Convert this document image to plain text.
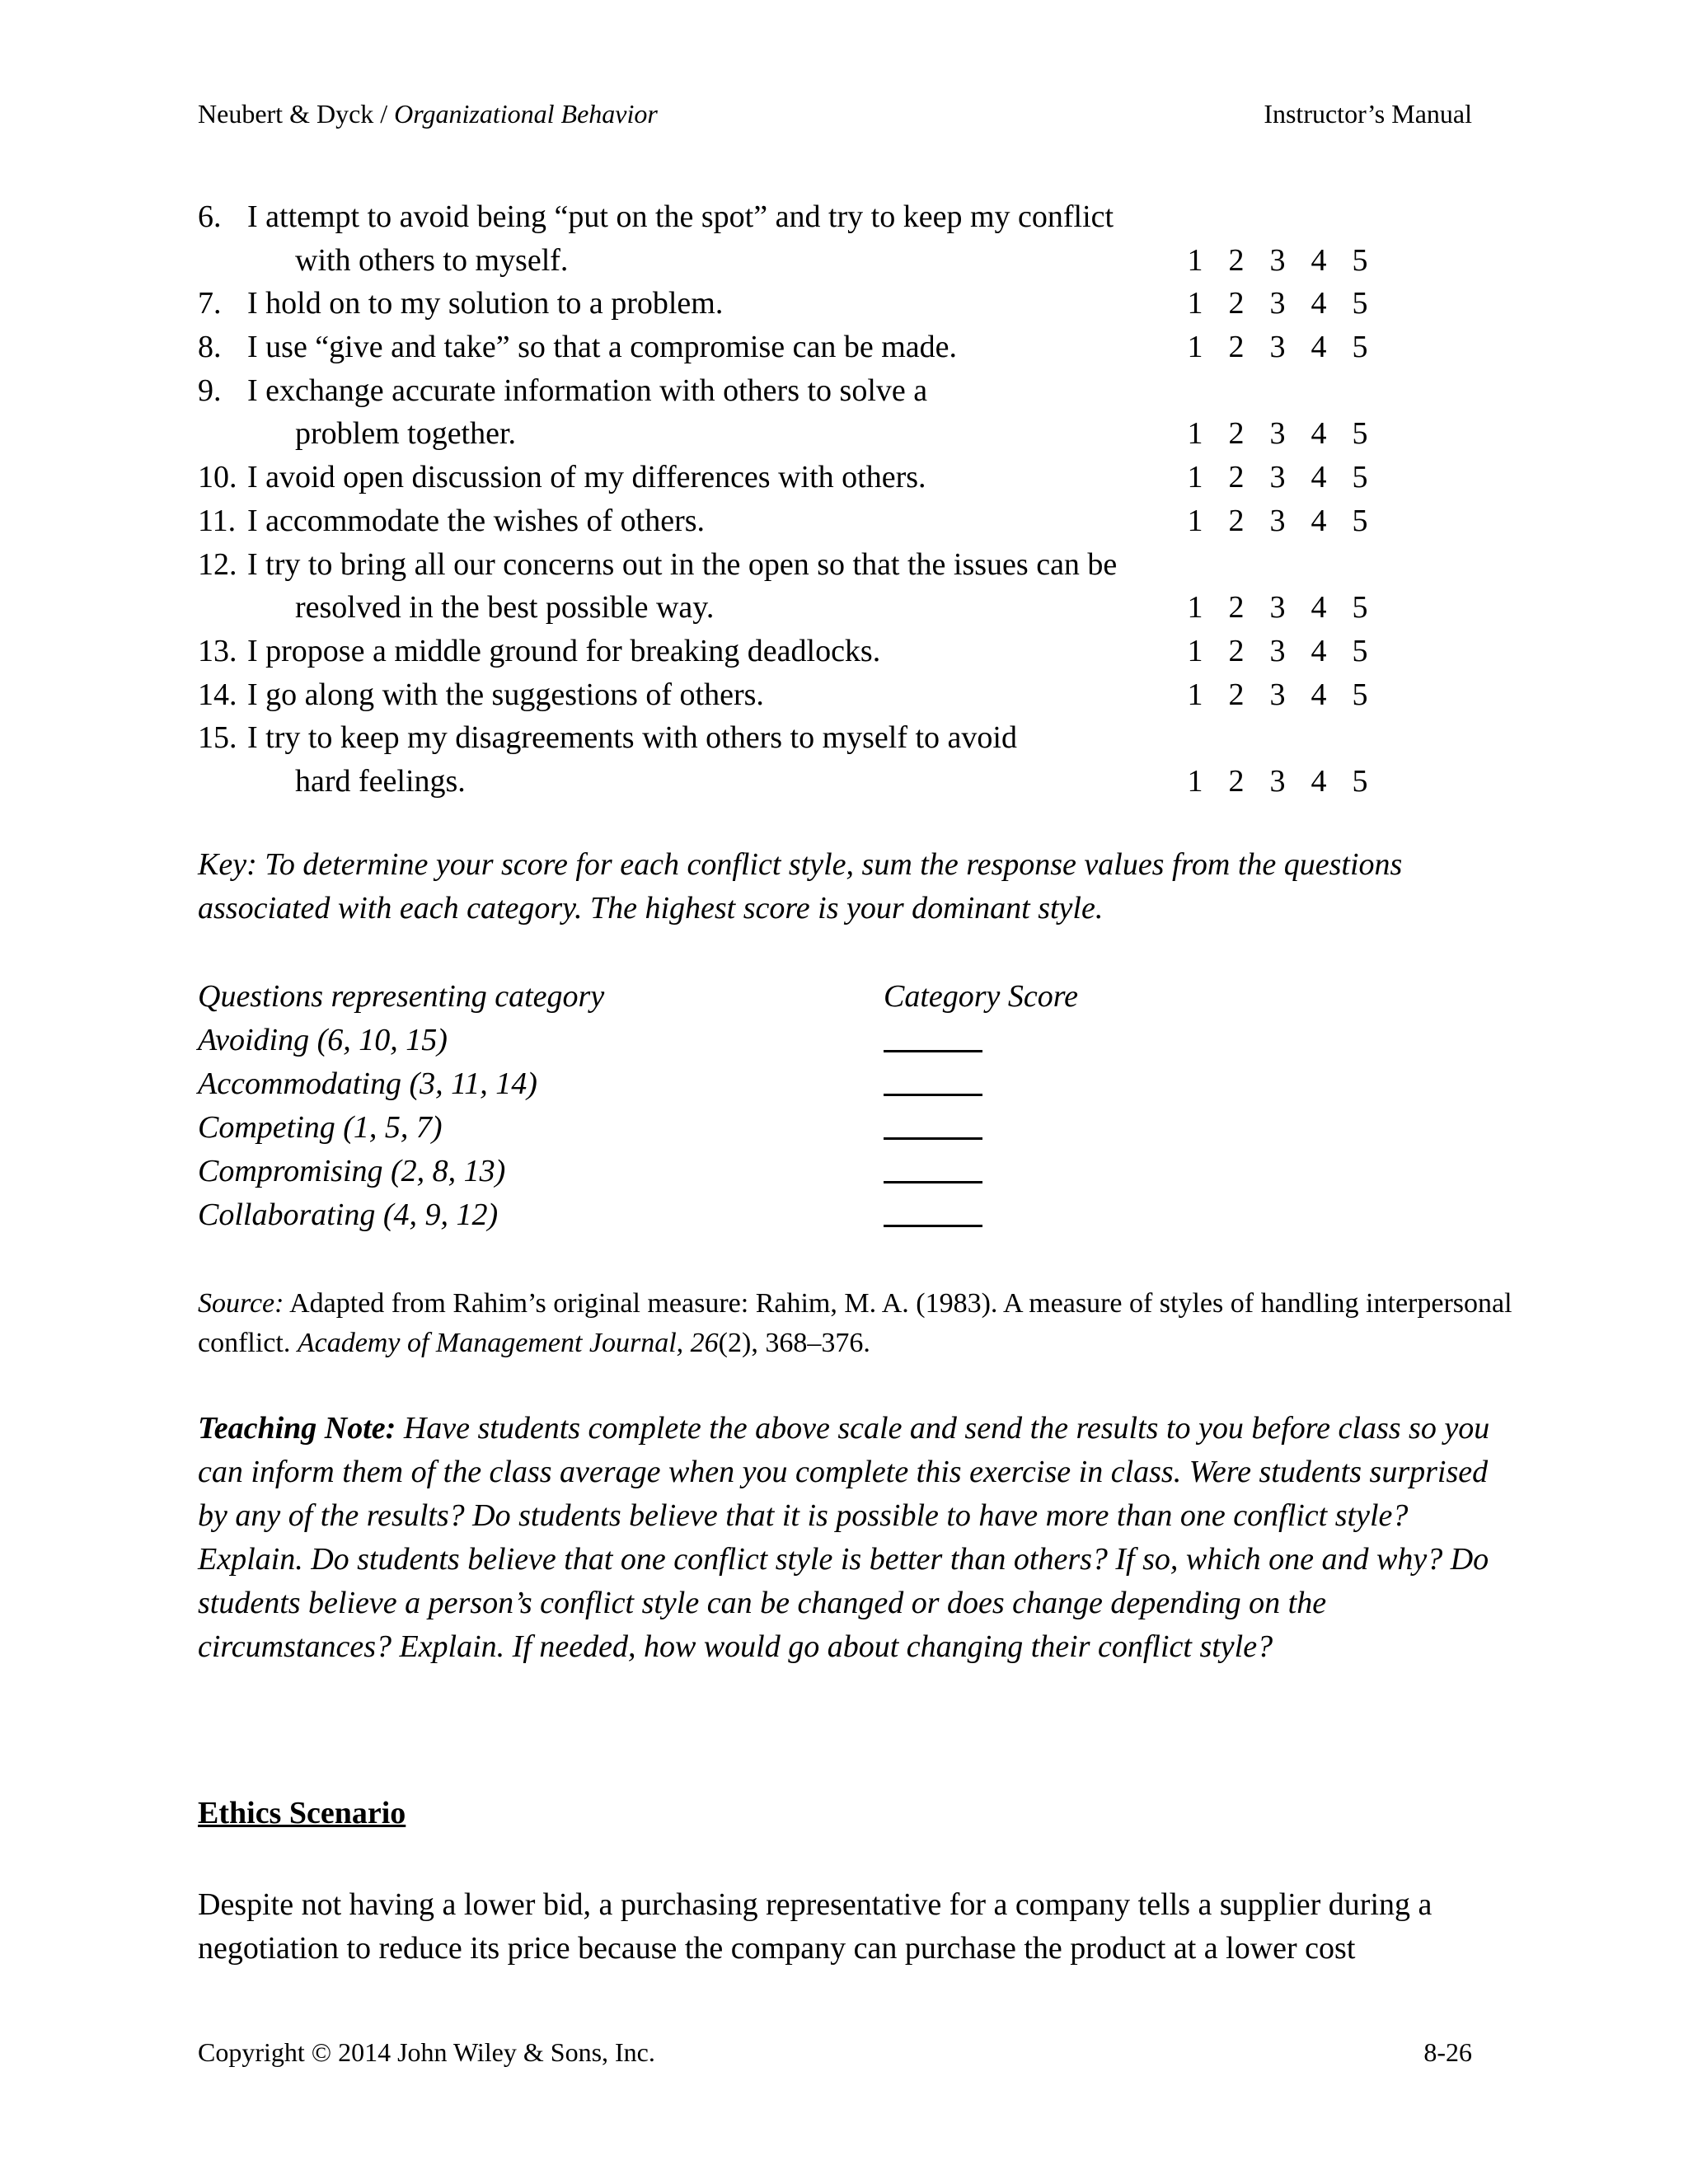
Neubert & Dyck / Organizational Behavior	Instructor’s Manual
6. I attempt to avoid being “put on the spot” and try to keep my conflict
with others to myself.	1 2 3 4 5
7. I hold on to my solution to a problem.	1 2 3 4 5
8. I use “give and take” so that a compromise can be made.	1 2 3 4 5
9. I exchange accurate information with others to solve a
problem together.	1 2 3 4 5
10. I avoid open discussion of my differences with others.	1 2 3 4 5
11. I accommodate the wishes of others.	1 2 3 4 5
12. I try to bring all our concerns out in the open so that the issues can be
resolved in the best possible way.	1 2 3 4 5
13. I propose a middle ground for breaking deadlocks.	1 2 3 4 5
14. I go along with the suggestions of others.	1 2 3 4 5
15. I try to keep my disagreements with others to myself to avoid
hard feelings.	1 2 3 4 5
Key: To determine your score for each conflict style, sum the response values from the questions associated with each category. The highest score is your dominant style.
Questions representing category	Category Score
Avoiding (6, 10, 15)
Accommodating (3, 11, 14)
Competing (1, 5, 7)
Compromising (2, 8, 13)
Collaborating (4, 9, 12)
Source: Adapted from Rahim’s original measure: Rahim, M. A. (1983). A measure of styles of handling interpersonal conflict. Academy of Management Journal, 26(2), 368–376.
Teaching Note: Have students complete the above scale and send the results to you before class so you can inform them of the class average when you complete this exercise in class. Were students surprised by any of the results? Do students believe that it is possible to have more than one conflict style? Explain. Do students believe that one conflict style is better than others? If so, which one and why? Do students believe a person’s conflict style can be changed or does change depending on the circumstances? Explain. If needed, how would go about changing their conflict style?
Ethics Scenario
Despite not having a lower bid, a purchasing representative for a company tells a supplier during a negotiation to reduce its price because the company can purchase the product at a lower cost
Copyright © 2014 John Wiley & Sons, Inc.	8-26
